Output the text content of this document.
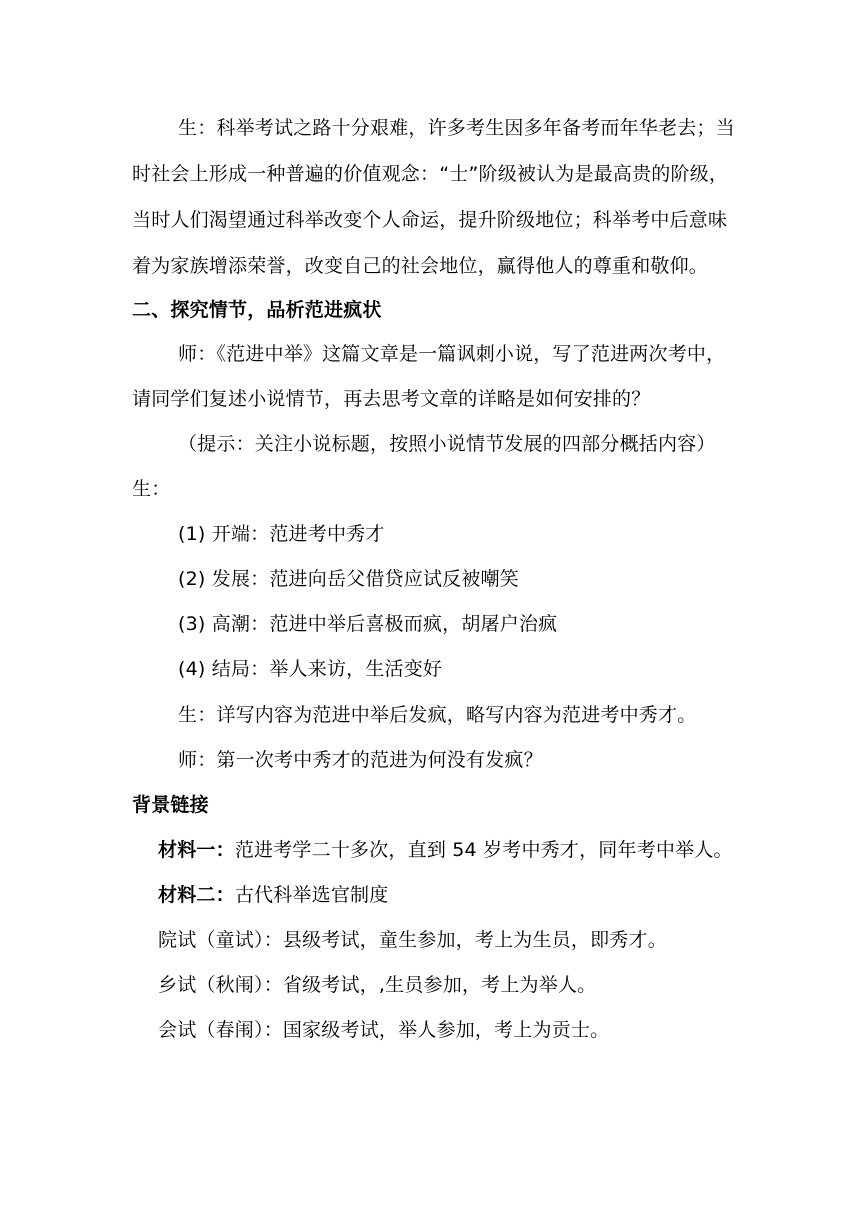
生：科举考试之路十分艰难，许多考生因多年备考而年华老去；当
时社会上形成一种普遍的价值观念：“士”阶级被认为是最高贵的阶级，
当时人们渴望通过科举改变个人命运，提升阶级地位；科举考中后意味
着为家族增添荣誉，改变自己的社会地位，赢得他人的尊重和敬仰。
二、探究情节，品析范进疯状
师：《范进中举》这篇文章是一篇讽刺小说，写了范进两次考中，
请同学们复述小说情节，再去思考文章的详略是如何安排的？
（提示：关注小说标题，按照小说情节发展的四部分概括内容）
生：
(1) 开端：范进考中秀才
(2) 发展：范进向岳父借贷应试反被嘲笑
(3) 高潮：范进中举后喜极而疯，胡屠户治疯
(4) 结局：举人来访，生活变好
生：详写内容为范进中举后发疯，略写内容为范进考中秀才。
师：第一次考中秀才的范进为何没有发疯？
背景链接
材料一：范进考学二十多次，直到 54 岁考中秀才，同年考中举人。
材料二：古代科举选官制度
院试（童试）：县级考试，童生参加，考上为生员，即秀才。
乡试（秋闱）：省级考试，,生员参加，考上为举人。
会试（春闱）：国家级考试，举人参加，考上为贡士。
